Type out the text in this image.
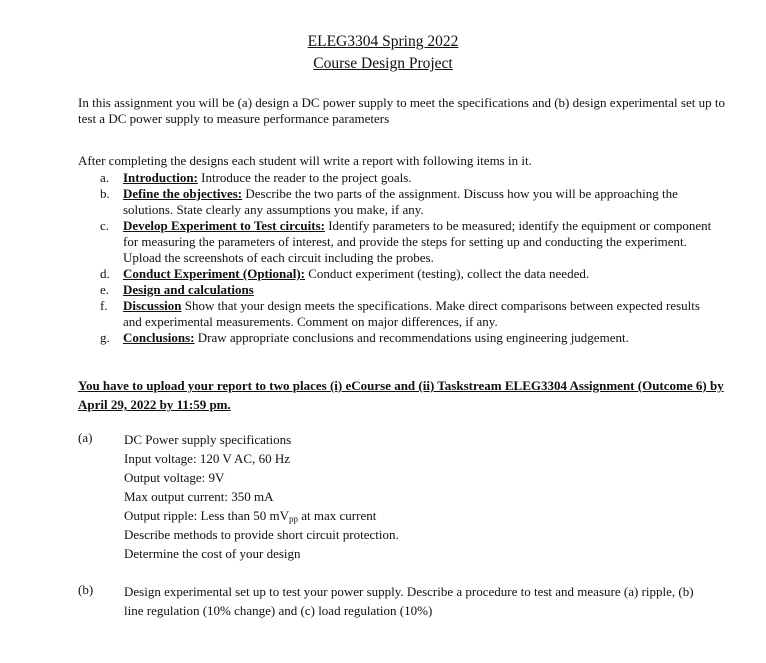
ELEG3304 Spring 2022
Course Design Project
In this assignment you will be (a) design a DC power supply to meet the specifications and (b) design experimental set up to test a DC power supply to measure performance parameters
After completing the designs each student will write a report with following items in it.
a.	Introduction: Introduce the reader to the project goals.
b.	Define the objectives: Describe the two parts of the assignment. Discuss how you will be approaching the solutions. State clearly any assumptions you make, if any.
c.	Develop Experiment to Test circuits: Identify parameters to be measured; identify the equipment or component for measuring the parameters of interest, and provide the steps for setting up and conducting the experiment. Upload the screenshots of each circuit including the probes.
d.	Conduct Experiment (Optional): Conduct experiment (testing), collect the data needed.
e.	Design and calculations
f.	Discussion Show that your design meets the specifications. Make direct comparisons between expected results and experimental measurements. Comment on major differences, if any.
g.	Conclusions: Draw appropriate conclusions and recommendations using engineering judgement.
You have to upload your report to two places (i) eCourse and (ii) Taskstream ELEG3304 Assignment (Outcome 6) by April 29, 2022 by 11:59 pm.
(a) DC Power supply specifications
Input voltage: 120 V AC, 60 Hz
Output voltage: 9V
Max output current: 350 mA
Output ripple: Less than 50 $mV_{pp}$ at max current
Describe methods to provide short circuit protection.
Determine the cost of your design
(b) Design experimental set up to test your power supply. Describe a procedure to test and measure (a) ripple, (b) line regulation (10% change) and (c) load regulation (10%)
